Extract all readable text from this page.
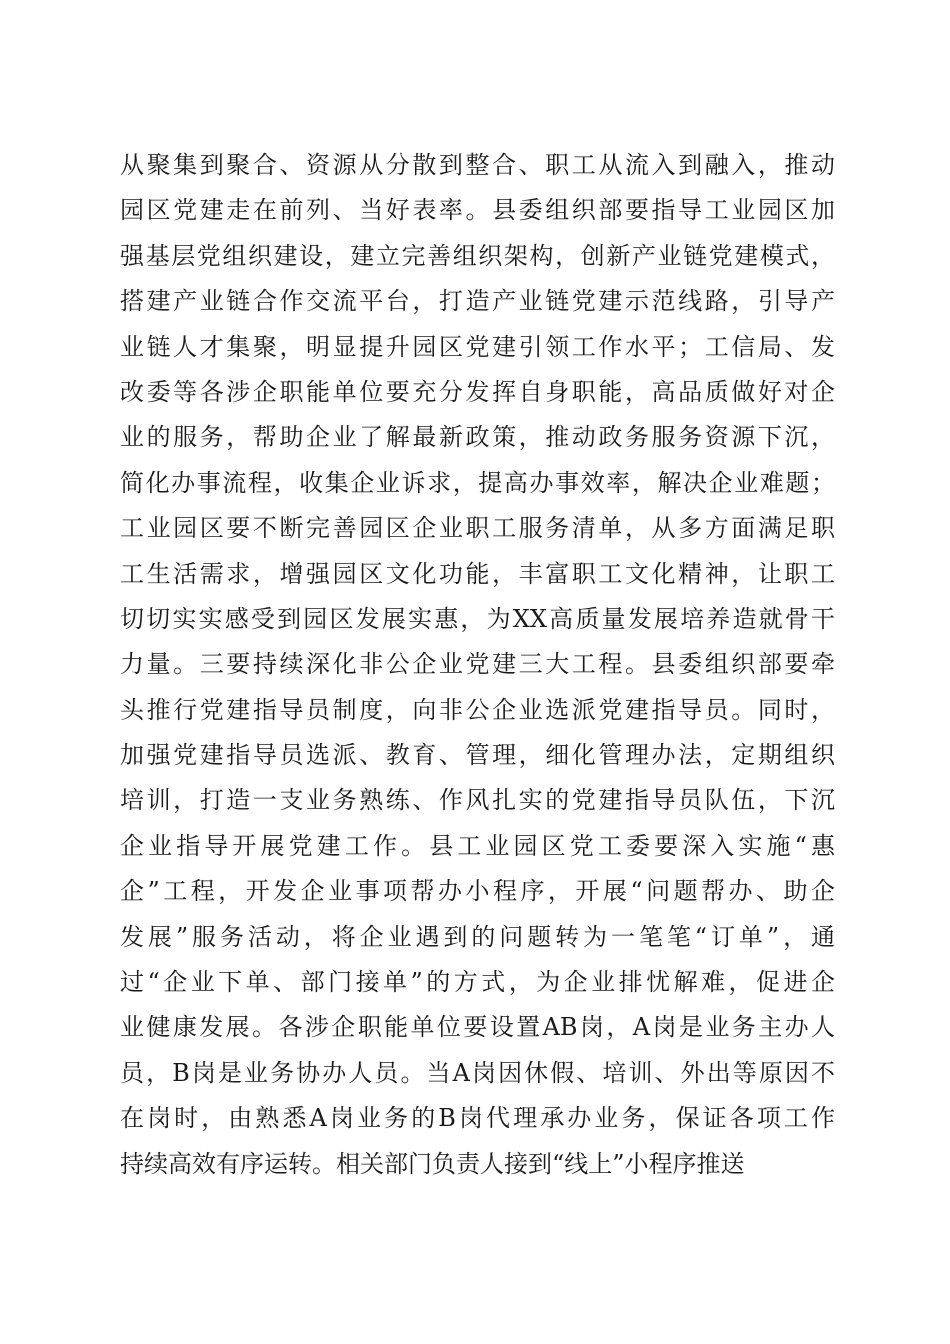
从聚集到聚合、资源从分散到整合、职工从流入到融入，推动
园区党建走在前列、当好表率。县委组织部要指导工业园区加
强基层党组织建设，建立完善组织架构，创新产业链党建模式，
搭建产业链合作交流平台，打造产业链党建示范线路，引导产
业链人才集聚，明显提升园区党建引领工作水平；工信局、发
改委等各涉企职能单位要充分发挥自身职能，高品质做好对企
业的服务，帮助企业了解最新政策，推动政务服务资源下沉，
简化办事流程，收集企业诉求，提高办事效率，解决企业难题；
工业园区要不断完善园区企业职工服务清单，从多方面满足职
工生活需求，增强园区文化功能，丰富职工文化精神，让职工
切切实实感受到园区发展实惠，为XX高质量发展培养造就骨干
力量。三要持续深化非公企业党建三大工程。县委组织部要牵
头推行党建指导员制度，向非公企业选派党建指导员。同时，
加强党建指导员选派、教育、管理，细化管理办法，定期组织
培训，打造一支业务熟练、作风扎实的党建指导员队伍，下沉
企业指导开展党建工作。县工业园区党工委要深入实施“惠
企”工程，开发企业事项帮办小程序，开展“问题帮办、助企
发展”服务活动，将企业遇到的问题转为一笔笔“订单”，通
过“企业下单、部门接单”的方式，为企业排忧解难，促进企
业健康发展。各涉企职能单位要设置AB岗，A岗是业务主办人
员，B岗是业务协办人员。当A岗因休假、培训、外出等原因不
在岗时，由熟悉A岗业务的B岗代理承办业务，保证各项工作
持续高效有序运转。相关部门负责人接到“线上”小程序推送
